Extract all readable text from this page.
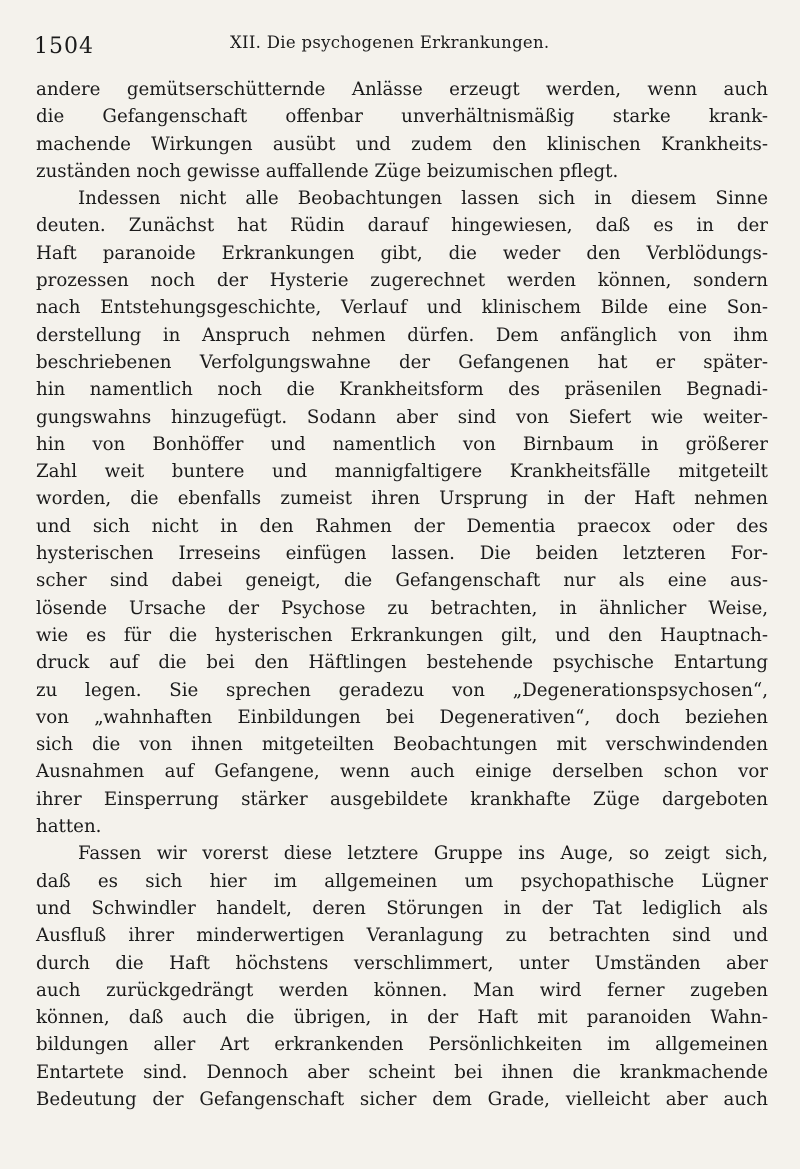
1504	XII. Die psychogenen Erkrankungen.
andere gemütserschütternde Anlässe erzeugt werden, wenn auch
die Gefangenschaft offenbar unverhältnismäßig starke krank-
machende Wirkungen ausübt und zudem den klinischen Krankheits-
zuständen noch gewisse auffallende Züge beizumischen pflegt.
Indessen nicht alle Beobachtungen lassen sich in diesem Sinne
deuten. Zunächst hat Rüdin darauf hingewiesen, daß es in der
Haft paranoide Erkrankungen gibt, die weder den Verblödungs-
prozessen noch der Hysterie zugerechnet werden können, sondern
nach Entstehungsgeschichte, Verlauf und klinischem Bilde eine Son-
derstellung in Anspruch nehmen dürfen. Dem anfänglich von ihm
beschriebenen Verfolgungswahne der Gefangenen hat er später-
hin namentlich noch die Krankheitsform des präsenilen Begnadi-
gungswahns hinzugefügt. Sodann aber sind von Siefert wie weiter-
hin von Bonhöffer und namentlich von Birnbaum in größerer
Zahl weit buntere und mannigfaltigere Krankheitsfälle mitgeteilt
worden, die ebenfalls zumeist ihren Ursprung in der Haft nehmen
und sich nicht in den Rahmen der Dementia praecox oder des
hysterischen Irreseins einfügen lassen. Die beiden letzteren For-
scher sind dabei geneigt, die Gefangenschaft nur als eine aus-
lösende Ursache der Psychose zu betrachten, in ähnlicher Weise,
wie es für die hysterischen Erkrankungen gilt, und den Hauptnach-
druck auf die bei den Häftlingen bestehende psychische Entartung
zu legen. Sie sprechen geradezu von „Degenerationspsychosen“,
von „wahnhaften Einbildungen bei Degenerativen“, doch beziehen
sich die von ihnen mitgeteilten Beobachtungen mit verschwindenden
Ausnahmen auf Gefangene, wenn auch einige derselben schon vor
ihrer Einsperrung stärker ausgebildete krankhafte Züge dargeboten
hatten.
Fassen wir vorerst diese letztere Gruppe ins Auge, so zeigt sich,
daß es sich hier im allgemeinen um psychopathische Lügner
und Schwindler handelt, deren Störungen in der Tat lediglich als
Ausfluß ihrer minderwertigen Veranlagung zu betrachten sind und
durch die Haft höchstens verschlimmert, unter Umständen aber
auch zurückgedrängt werden können. Man wird ferner zugeben
können, daß auch die übrigen, in der Haft mit paranoiden Wahn-
bildungen aller Art erkrankenden Persönlichkeiten im allgemeinen
Entartete sind. Dennoch aber scheint bei ihnen die krankmachende
Bedeutung der Gefangenschaft sicher dem Grade, vielleicht aber auch
